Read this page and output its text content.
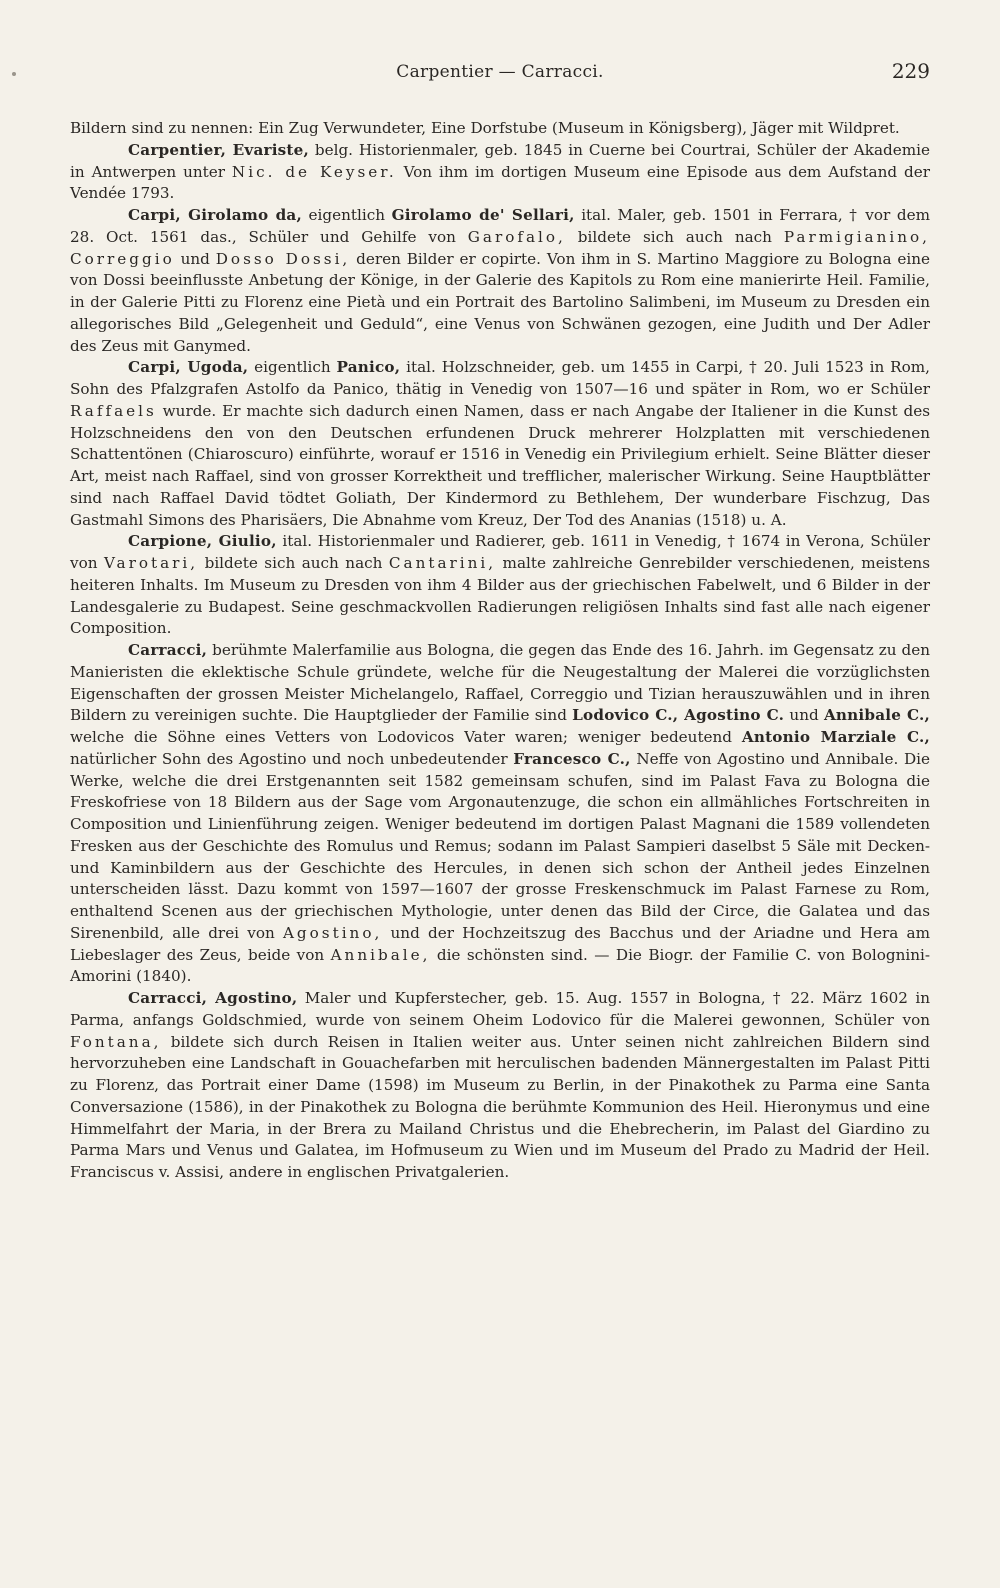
Carpentier — Carracci.	229

Bildern sind zu nennen: Ein Zug Verwundeter, Eine Dorfstube (Museum in Königsberg), Jäger mit Wildpret.

Carpentier, Evariste, belg. Historienmaler, geb. 1845 in Cuerne bei Courtrai, Schüler der Akademie in Antwerpen unter Nic. de Keyser. Von ihm im dortigen Museum eine Episode aus dem Aufstand der Vendée 1793.

Carpi, Girolamo da, eigentlich Girolamo de' Sellari, ital. Maler, geb. 1501 in Ferrara, † vor dem 28. Oct. 1561 das., Schüler und Gehilfe von Garofalo, bildete sich auch nach Parmigianino, Correggio und Dosso Dossi, deren Bilder er copirte. Von ihm in S. Martino Maggiore zu Bologna eine von Dossi beeinflusste Anbetung der Könige, in der Galerie des Kapitols zu Rom eine manierirte Heil. Familie, in der Galerie Pitti zu Florenz eine Pietà und ein Portrait des Bartolino Salimbeni, im Museum zu Dresden ein allegorisches Bild „Gelegenheit und Geduld“, eine Venus von Schwänen gezogen, eine Judith und Der Adler des Zeus mit Ganymed.

Carpi, Ugoda, eigentlich Panico, ital. Holzschneider, geb. um 1455 in Carpi, † 20. Juli 1523 in Rom, Sohn des Pfalzgrafen Astolfo da Panico, thätig in Venedig von 1507—16 und später in Rom, wo er Schüler Raffaels wurde. Er machte sich dadurch einen Namen, dass er nach Angabe der Italiener in die Kunst des Holzschneidens den von den Deutschen erfundenen Druck mehrerer Holzplatten mit verschiedenen Schattentönen (Chiaroscuro) einführte, worauf er 1516 in Venedig ein Privilegium erhielt. Seine Blätter dieser Art, meist nach Raffael, sind von grosser Korrektheit und trefflicher, malerischer Wirkung. Seine Hauptblätter sind nach Raffael David tödtet Goliath, Der Kindermord zu Bethlehem, Der wunderbare Fischzug, Das Gastmahl Simons des Pharisäers, Die Abnahme vom Kreuz, Der Tod des Ananias (1518) u. A.

Carpione, Giulio, ital. Historienmaler und Radierer, geb. 1611 in Venedig, † 1674 in Verona, Schüler von Varotari, bildete sich auch nach Cantarini, malte zahlreiche Genrebilder verschiedenen, meistens heiteren Inhalts. Im Museum zu Dresden von ihm 4 Bilder aus der griechischen Fabelwelt, und 6 Bilder in der Landesgalerie zu Budapest. Seine geschmackvollen Radierungen religiösen Inhalts sind fast alle nach eigener Composition.

Carracci, berühmte Malerfamilie aus Bologna, die gegen das Ende des 16. Jahrh. im Gegensatz zu den Manieristen die eklektische Schule gründete, welche für die Neugestaltung der Malerei die vorzüglichsten Eigenschaften der grossen Meister Michelangelo, Raffael, Correggio und Tizian herauszuwählen und in ihren Bildern zu vereinigen suchte. Die Hauptglieder der Familie sind Lodovico C., Agostino C. und Annibale C., welche die Söhne eines Vetters von Lodovicos Vater waren; weniger bedeutend Antonio Marziale C., natürlicher Sohn des Agostino und noch unbedeutender Francesco C., Neffe von Agostino und Annibale. Die Werke, welche die drei Erstgenannten seit 1582 gemeinsam schufen, sind im Palast Fava zu Bologna die Freskofriese von 18 Bildern aus der Sage vom Argonautenzuge, die schon ein allmähliches Fortschreiten in Composition und Linienführung zeigen. Weniger bedeutend im dortigen Palast Magnani die 1589 vollendeten Fresken aus der Geschichte des Romulus und Remus; sodann im Palast Sampieri daselbst 5 Säle mit Decken- und Kaminbildern aus der Geschichte des Hercules, in denen sich schon der Antheil jedes Einzelnen unterscheiden lässt. Dazu kommt von 1597—1607 der grosse Freskenschmuck im Palast Farnese zu Rom, enthaltend Scenen aus der griechischen Mythologie, unter denen das Bild der Circe, die Galatea und das Sirenenbild, alle drei von Agostino, und der Hochzeitszug des Bacchus und der Ariadne und Hera am Liebeslager des Zeus, beide von Annibale, die schönsten sind. — Die Biogr. der Familie C. von Bolognini-Amorini (1840).

Carracci, Agostino, Maler und Kupferstecher, geb. 15. Aug. 1557 in Bologna, † 22. März 1602 in Parma, anfangs Goldschmied, wurde von seinem Oheim Lodovico für die Malerei gewonnen, Schüler von Fontana, bildete sich durch Reisen in Italien weiter aus. Unter seinen nicht zahlreichen Bildern sind hervorzuheben eine Landschaft in Gouachefarben mit herculischen badenden Männergestalten im Palast Pitti zu Florenz, das Portrait einer Dame (1598) im Museum zu Berlin, in der Pinakothek zu Parma eine Santa Conversazione (1586), in der Pinakothek zu Bologna die berühmte Kommunion des Heil. Hieronymus und eine Himmelfahrt der Maria, in der Brera zu Mailand Christus und die Ehebrecherin, im Palast del Giardino zu Parma Mars und Venus und Galatea, im Hofmuseum zu Wien und im Museum del Prado zu Madrid der Heil. Franciscus v. Assisi, andere in englischen Privatgalerien.
